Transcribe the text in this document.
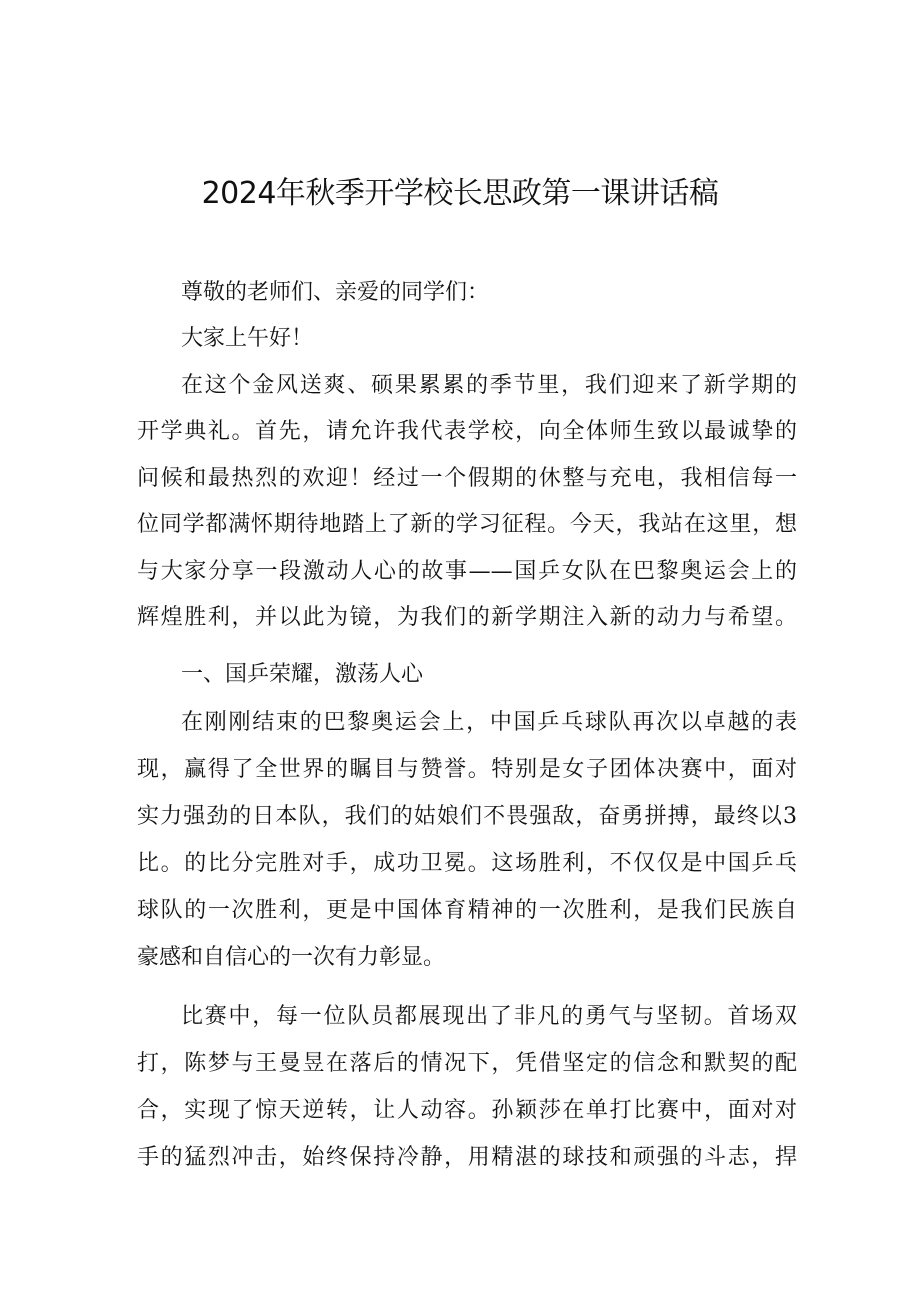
2024年秋季开学校长思政第一课讲话稿
尊敬的老师们、亲爱的同学们：
大家上午好！
在这个金风送爽、硕果累累的季节里，我们迎来了新学期的
开学典礼。首先，请允许我代表学校，向全体师生致以最诚挚的
问候和最热烈的欢迎！经过一个假期的休整与充电，我相信每一
位同学都满怀期待地踏上了新的学习征程。今天，我站在这里，想
与大家分享一段激动人心的故事——国乒女队在巴黎奥运会上的
辉煌胜利，并以此为镜，为我们的新学期注入新的动力与希望。
一、国乒荣耀，激荡人心
在刚刚结束的巴黎奥运会上，中国乒乓球队再次以卓越的表
现，赢得了全世界的瞩目与赞誉。特别是女子团体决赛中，面对
实力强劲的日本队，我们的姑娘们不畏强敌，奋勇拼搏，最终以3
比。的比分完胜对手，成功卫冕。这场胜利，不仅仅是中国乒乓
球队的一次胜利，更是中国体育精神的一次胜利，是我们民族自
豪感和自信心的一次有力彰显。
比赛中，每一位队员都展现出了非凡的勇气与坚韧。首场双
打，陈梦与王曼昱在落后的情况下，凭借坚定的信念和默契的配
合，实现了惊天逆转，让人动容。孙颖莎在单打比赛中，面对对
手的猛烈冲击，始终保持冷静，用精湛的球技和顽强的斗志，捍
